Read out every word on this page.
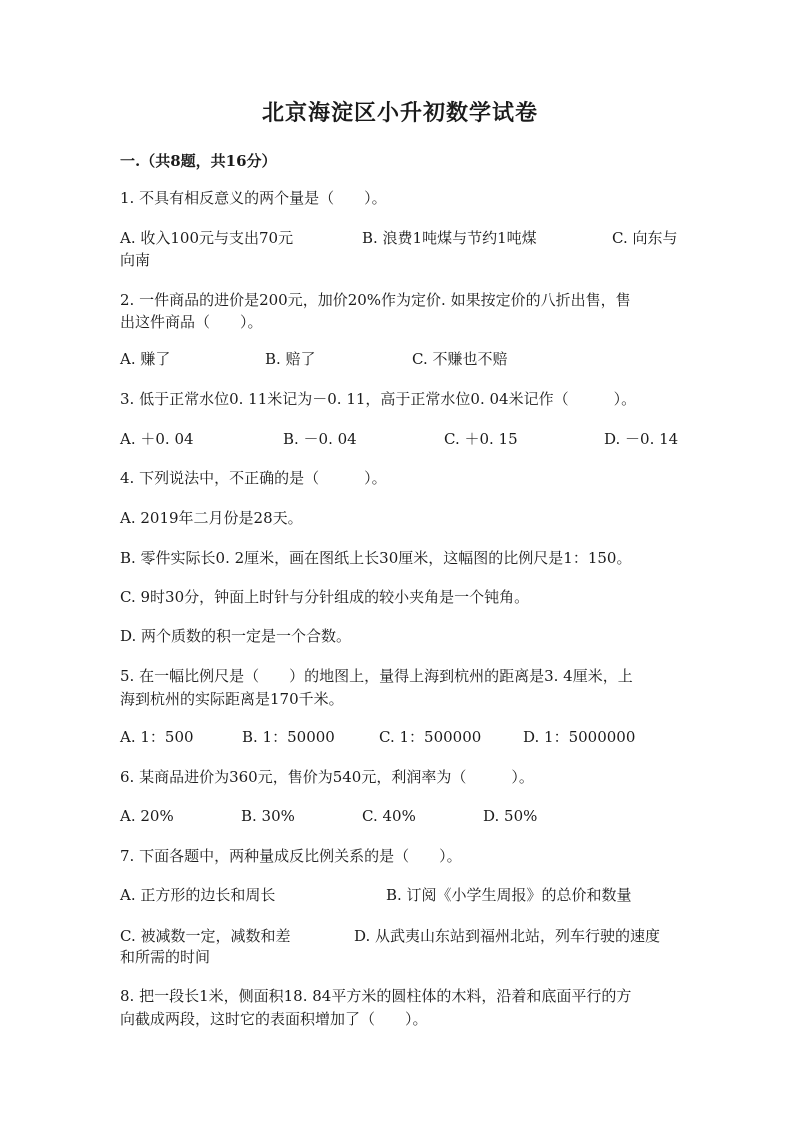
北京海淀区小升初数学试卷
一.（共8题，共16分）
1. 不具有相反意义的两个量是（　　）。
A. 收入100元与支出70元	B. 浪费1吨煤与节约1吨煤	C. 向东与
向南
2. 一件商品的进价是200元，加价20%作为定价. 如果按定价的八折出售，售
出这件商品（　　）。
A. 赚了	B. 赔了	C. 不赚也不赔
3. 低于正常水位0. 11米记为－0. 11，高于正常水位0. 04米记作（　　　）。
A. ＋0. 04	B. －0. 04	C. ＋0. 15	D. －0. 14
4. 下列说法中，不正确的是（　　　）。
A. 2019年二月份是28天。
B. 零件实际长0. 2厘米，画在图纸上长30厘米，这幅图的比例尺是1：150。
C. 9时30分，钟面上时针与分针组成的较小夹角是一个钝角。
D. 两个质数的积一定是一个合数。
5. 在一幅比例尺是（　　）的地图上，量得上海到杭州的距离是3. 4厘米，上
海到杭州的实际距离是170千米。
A. 1：500	B. 1：50000	C. 1：500000	D. 1：5000000
6. 某商品进价为360元，售价为540元，利润率为（　　　）。
A. 20%	B. 30%	C. 40%	D. 50%
7. 下面各题中，两种量成反比例关系的是（　　）。
A. 正方形的边长和周长	B. 订阅《小学生周报》的总价和数量
C. 被减数一定，减数和差	D. 从武夷山东站到福州北站，列车行驶的速度
和所需的时间
8. 把一段长1米，侧面积18. 84平方米的圆柱体的木料，沿着和底面平行的方
向截成两段，这时它的表面积增加了（　　）。
